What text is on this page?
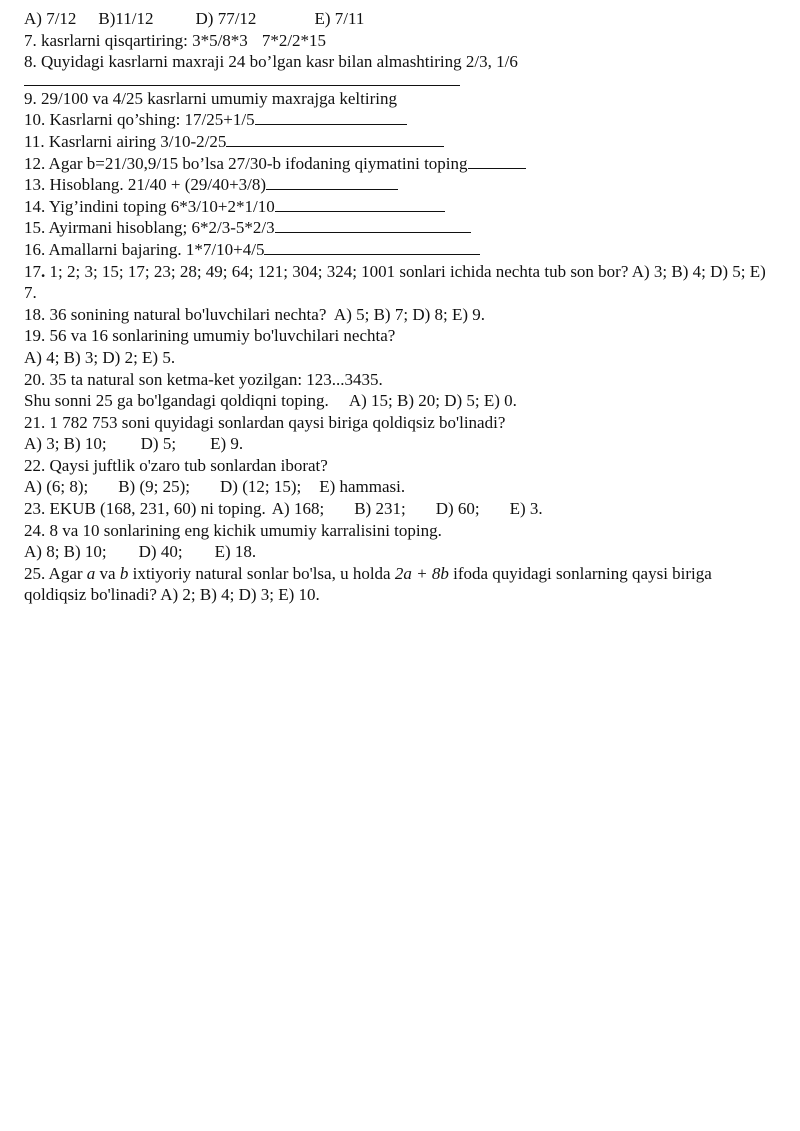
A) 7/12 B)11/12 D) 77/12	E) 7/11
7. kasrlarni qisqartiring: 3*5/8*3 7*2/2*15
8. Quyidagi kasrlarni maxraji 24 bo’lgan kasr bilan almashtiring 2/3, 1/6
9. 29/100 va 4/25 kasrlarni umumiy maxrajga keltiring
10. Kasrlarni qo’shing: 17/25+1/5
11. Kasrlarni airing 3/10-2/25
12. Agar b=21/30,9/15 bo’lsa 27/30-b ifodaning qiymatini toping
13. Hisoblang. 21/40 + (29/40+3/8)
14. Yig’indini toping 6*3/10+2*1/10
15. Ayirmani hisoblang; 6*2/3-5*2/3
16. Amallarni bajaring. 1*7/10+4/5
17. 1; 2; 3; 15; 17; 23; 28; 49; 64; 121; 304; 324; 1001 sonlari ichida nechta tub son bor? A) 3; B) 4; D) 5; E) 7.
18. 36 sonining natural bo'luvchilari nechta?  A) 5; B) 7; D) 8; E) 9.
19. 56 va 16 sonlarining umumiy bo'luvchilari nechta?
A) 4; B) 3; D) 2; E) 5.
20. 35 ta natural son ketma-ket yozilgan: 123...3435.
Shu sonni 25 ga bo'lgandagi qoldiqni toping. A) 15; B) 20; D) 5; E) 0.
21. 1 782 753 soni quyidagi sonlardan qaysi biriga qoldiqsiz bo'linadi?
A) 3; B) 10; D) 5; E) 9.
22. Qaysi juftlik o'zaro tub sonlardan iborat?
A) (6; 8); B) (9; 25); D) (12; 15); E) hammasi.
23. EKUB (168, 231, 60) ni toping. A) 168; B) 231; D) 60; E) 3.
24. 8 va 10 sonlarining eng kichik umumiy karralisini toping.
A) 8; B) 10; D) 40; E) 18.
25. Agar a va b ixtiyoriy natural sonlar bo'lsa, u holda 2a + 8b ifoda quyidagi sonlarning qaysi biriga qoldiqsiz bo'linadi? A) 2; B) 4; D) 3; E) 10.
